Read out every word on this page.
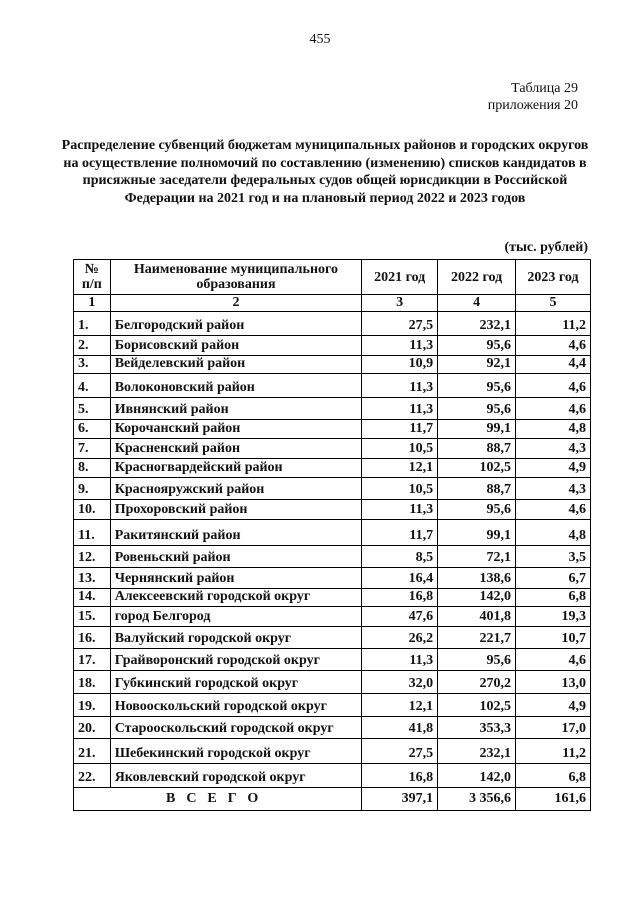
455
Таблица 29
приложения 20
Распределение субвенций бюджетам муниципальных районов и городских округов на осуществление полномочий по составлению (изменению) списков кандидатов в присяжные заседатели федеральных судов общей юрисдикции в Российской Федерации на 2021 год и на плановый период 2022 и 2023 годов
(тыс. рублей)
№ п/п	Наименование муниципального образования	2021 год	2022 год	2023 год
1	2	3	4	5
1.	Белгородский район	27,5	232,1	11,2
2.	Борисовский район	11,3	95,6	4,6
3.	Вейделевский район	10,9	92,1	4,4
4.	Волоконовский район	11,3	95,6	4,6
5.	Ивнянский район	11,3	95,6	4,6
6.	Корочанский район	11,7	99,1	4,8
7.	Красненский район	10,5	88,7	4,3
8.	Красногвардейский район	12,1	102,5	4,9
9.	Краснояружский район	10,5	88,7	4,3
10.	Прохоровский район	11,3	95,6	4,6
11.	Ракитянский район	11,7	99,1	4,8
12.	Ровеньский район	8,5	72,1	3,5
13.	Чернянский район	16,4	138,6	6,7
14.	Алексеевский городской округ	16,8	142,0	6,8
15.	город Белгород	47,6	401,8	19,3
16.	Валуйский городской округ	26,2	221,7	10,7
17.	Грайворонский городской округ	11,3	95,6	4,6
18.	Губкинский городской округ	32,0	270,2	13,0
19.	Новооскольский городской округ	12,1	102,5	4,9
20.	Старооскольский городской округ	41,8	353,3	17,0
21.	Шебекинский городской округ	27,5	232,1	11,2
22.	Яковлевский городской округ	16,8	142,0	6,8
ВСЕГО		397,1	3 356,6	161,6
